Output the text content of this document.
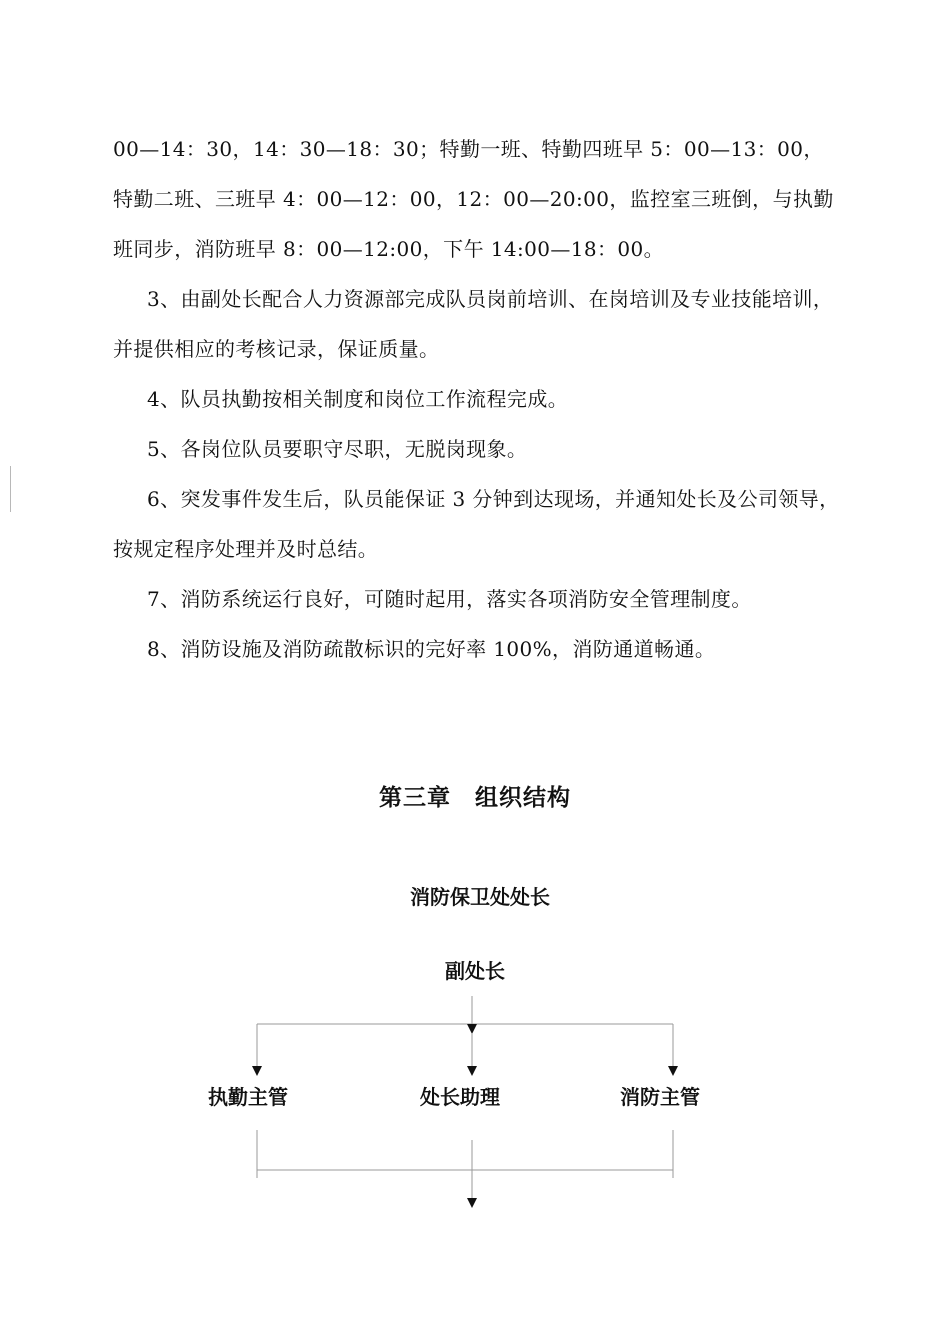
00—14：30，14：30—18：30；特勤一班、特勤四班早 5：00—13：00，特勤二班、三班早 4：00—12：00，12：00—20:00，监控室三班倒，与执勤班同步，消防班早 8：00—12:00，下午 14:00—18：00。

3、由副处长配合人力资源部完成队员岗前培训、在岗培训及专业技能培训，并提供相应的考核记录，保证质量。

4、队员执勤按相关制度和岗位工作流程完成。

5、各岗位队员要职守尽职，无脱岗现象。

6、突发事件发生后，队员能保证 3 分钟到达现场，并通知处长及公司领导，按规定程序处理并及时总结。

7、消防系统运行良好，可随时起用，落实各项消防安全管理制度。

8、消防设施及消防疏散标识的完好率 100%，消防通道畅通。

第三章　组织结构
消防保卫处处长
副处长
执勤主管	处长助理	消防主管
